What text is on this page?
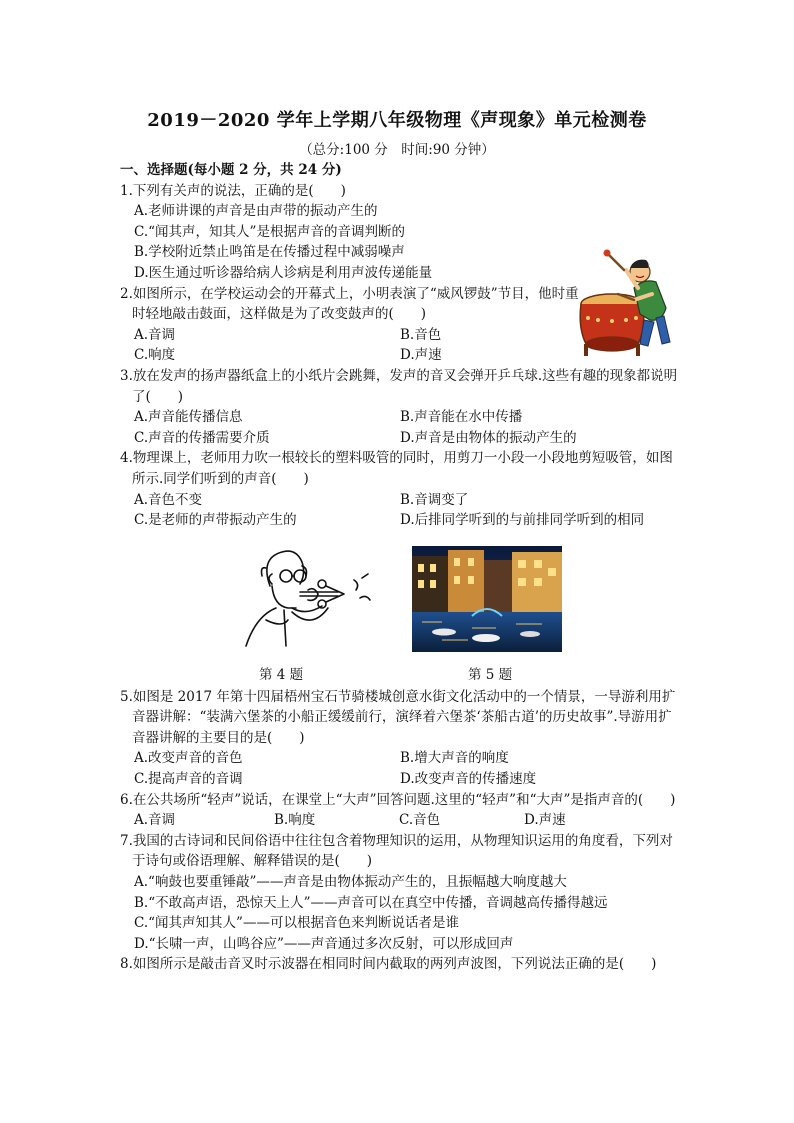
2019－2020 学年上学期八年级物理《声现象》单元检测卷
（总分:100 分　时间:90 分钟）

一、选择题(每小题 2 分，共 24 分)

1.下列有关声的说法，正确的是(　　)

A.老师讲课的声音是由声带的振动产生的

C.“闻其声，知其人”是根据声音的音调判断的

B.学校附近禁止鸣笛是在传播过程中减弱噪声

D.医生通过听诊器给病人诊病是利用声波传递能量

2.如图所示，在学校运动会的开幕式上，小明表演了“威风锣鼓”节目，他时重时轻地敲击鼓面，这样做是为了改变鼓声的(　　)

A.音调	B.音色
C.响度	D.声速

3.放在发声的扬声器纸盒上的小纸片会跳舞，发声的音叉会弹开乒乓球.这些有趣的现象都说明了(　　)

A.声音能传播信息	B.声音能在水中传播
C.声音的传播需要介质	D.声音是由物体的振动产生的

4.物理课上，老师用力吹一根较长的塑料吸管的同时，用剪刀一小段一小段地剪短吸管，如图所示.同学们听到的声音(　　)

A.音色不变	B.音调变了
C.是老师的声带振动产生的	D.后排同学听到的与前排同学听到的相同
第 4 题	第 5 题

5.如图是 2017 年第十四届梧州宝石节骑楼城创意水街文化活动中的一个情景，一导游利用扩音器讲解：“装满六堡茶的小船正缓缓前行，演绎着六堡茶‘茶船古道’的历史故事”.导游用扩音器讲解的主要目的是(　　)

A.改变声音的音色	B.增大声音的响度
C.提高声音的音调	D.改变声音的传播速度

6.在公共场所“轻声”说话，在课堂上“大声”回答问题.这里的“轻声”和“大声”是指声音的(　　)

A.音调	B.响度	C.音色	D.声速

7.我国的古诗词和民间俗语中往往包含着物理知识的运用，从物理知识运用的角度看，下列对于诗句或俗语理解、解释错误的是(　　)

A.“响鼓也要重锤敲”——声音是由物体振动产生的，且振幅越大响度越大

B.“不敢高声语，恐惊天上人”——声音可以在真空中传播，音调越高传播得越远

C.“闻其声知其人”——可以根据音色来判断说话者是谁

D.“长啸一声，山鸣谷应”——声音通过多次反射，可以形成回声

8.如图所示是敲击音叉时示波器在相同时间内截取的两列声波图，下列说法正确的是(　　)
